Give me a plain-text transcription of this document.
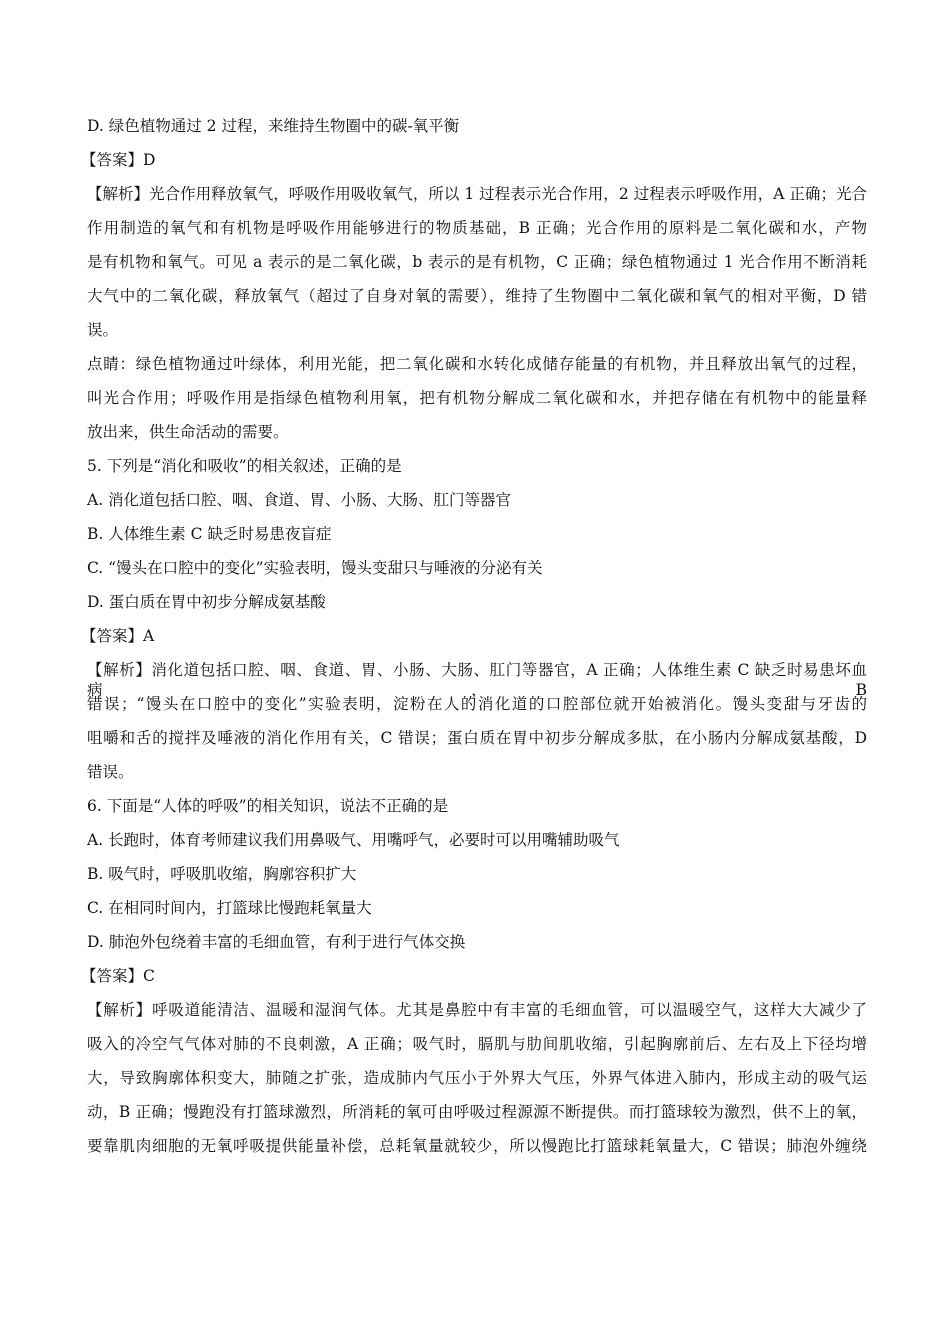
D. 绿色植物通过 2 过程，来维持生物圈中的碳-氧平衡
【答案】D
【解析】光合作用释放氧气，呼吸作用吸收氧气，所以 1 过程表示光合作用，2 过程表示呼吸作用，A 正确；光合
作用制造的氧气和有机物是呼吸作用能够进行的物质基础，B 正确；光合作用的原料是二氧化碳和水，产物
是有机物和氧气。可见 a 表示的是二氧化碳，b 表示的是有机物，C 正确；绿色植物通过 1 光合作用不断消耗
大气中的二氧化碳，释放氧气（超过了自身对氧的需要），维持了生物圈中二氧化碳和氧气的相对平衡，D 错
误。
点睛：绿色植物通过叶绿体，利用光能，把二氧化碳和水转化成储存能量的有机物，并且释放出氧气的过程，
叫光合作用；呼吸作用是指绿色植物利用氧，把有机物分解成二氧化碳和水，并把存储在有机物中的能量释
放出来，供生命活动的需要。
5. 下列是“消化和吸收”的相关叙述，正确的是
A. 消化道包括口腔、咽、食道、胃、小肠、大肠、肛门等器官
B. 人体维生素 C 缺乏时易患夜盲症
C. “馒头在口腔中的变化”实验表明，馒头变甜只与唾液的分泌有关
D. 蛋白质在胃中初步分解成氨基酸
【答案】A
【解析】消化道包括口腔、咽、食道、胃、小肠、大肠、肛门等器官，A 正确；人体维生素 C 缺乏时易患坏血病，B
错误；“馒头在口腔中的变化”实验表明，淀粉在人的消化道的口腔部位就开始被消化。馒头变甜与牙齿的
咀嚼和舌的搅拌及唾液的消化作用有关，C 错误；蛋白质在胃中初步分解成多肽，在小肠内分解成氨基酸，D
错误。
6. 下面是“人体的呼吸”的相关知识，说法不正确的是
A. 长跑时，体育考师建议我们用鼻吸气、用嘴呼气，必要时可以用嘴辅助吸气
B. 吸气时，呼吸肌收缩，胸廓容积扩大
C. 在相同时间内，打篮球比慢跑耗氧量大
D. 肺泡外包绕着丰富的毛细血管，有利于进行气体交换
【答案】C
【解析】呼吸道能清洁、温暖和湿润气体。尤其是鼻腔中有丰富的毛细血管，可以温暖空气，这样大大减少了
吸入的冷空气气体对肺的不良刺激，A 正确；吸气时，膈肌与肋间肌收缩，引起胸廓前后、左右及上下径均增
大，导致胸廓体积变大，肺随之扩张，造成肺内气压小于外界大气压，外界气体进入肺内，形成主动的吸气运
动，B 正确；慢跑没有打篮球激烈，所消耗的氧可由呼吸过程源源不断提供。而打篮球较为激烈，供不上的氧，
要靠肌肉细胞的无氧呼吸提供能量补偿，总耗氧量就较少，所以慢跑比打篮球耗氧量大，C 错误；肺泡外缠绕
